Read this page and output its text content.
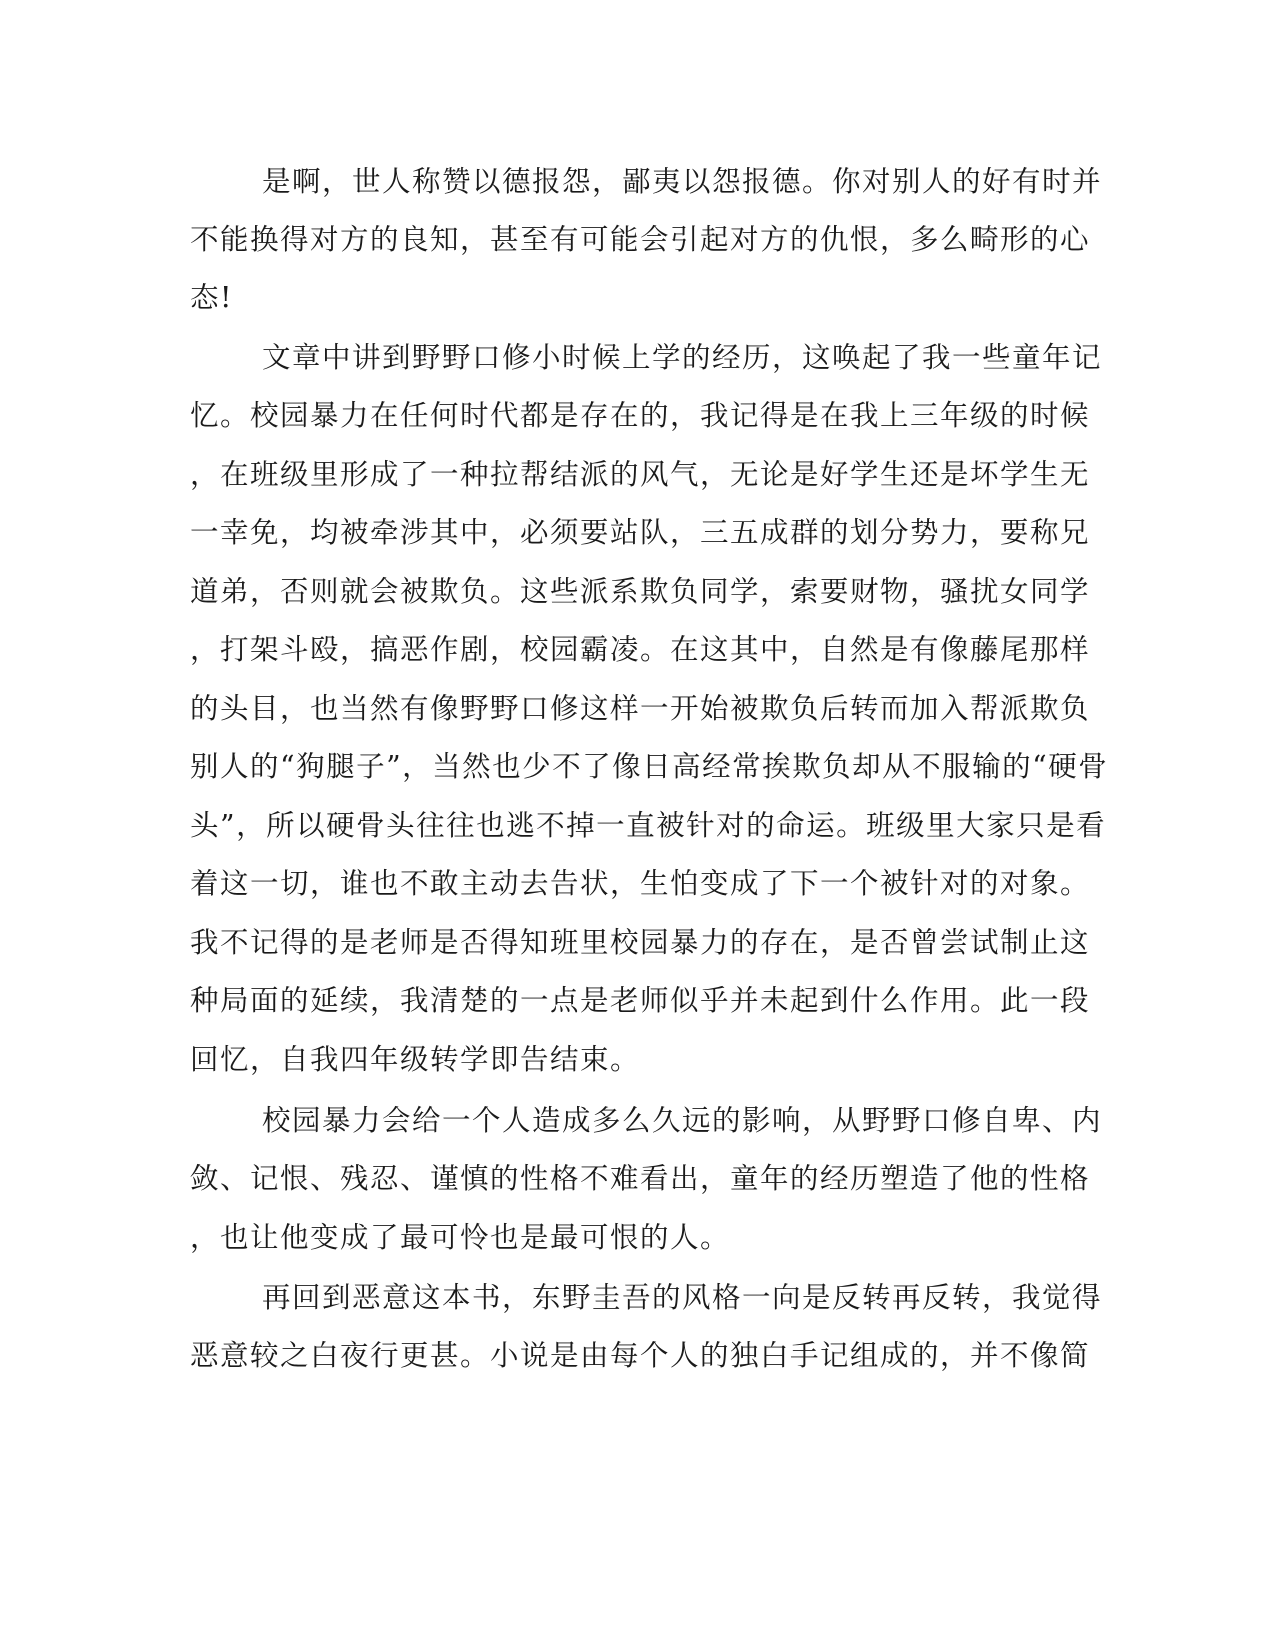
是啊，世人称赞以德报怨，鄙夷以怨报德。你对别人的好有时并

不能换得对方的良知，甚至有可能会引起对方的仇恨，多么畸形的心

态!

文章中讲到野野口修小时候上学的经历，这唤起了我一些童年记

忆。校园暴力在任何时代都是存在的，我记得是在我上三年级的时候

，在班级里形成了一种拉帮结派的风气，无论是好学生还是坏学生无

一幸免，均被牵涉其中，必须要站队，三五成群的划分势力，要称兄

道弟，否则就会被欺负。这些派系欺负同学，索要财物，骚扰女同学

，打架斗殴，搞恶作剧，校园霸凌。在这其中，自然是有像藤尾那样

的头目，也当然有像野野口修这样一开始被欺负后转而加入帮派欺负

别人的“狗腿子”，当然也少不了像日高经常挨欺负却从不服输的“硬骨

头”，所以硬骨头往往也逃不掉一直被针对的命运。班级里大家只是看

着这一切，谁也不敢主动去告状，生怕变成了下一个被针对的对象。

我不记得的是老师是否得知班里校园暴力的存在，是否曾尝试制止这

种局面的延续，我清楚的一点是老师似乎并未起到什么作用。此一段

回忆，自我四年级转学即告结束。

校园暴力会给一个人造成多么久远的影响，从野野口修自卑、内

敛、记恨、残忍、谨慎的性格不难看出，童年的经历塑造了他的性格

，也让他变成了最可怜也是最可恨的人。

再回到恶意这本书，东野圭吾的风格一向是反转再反转，我觉得

恶意较之白夜行更甚。小说是由每个人的独白手记组成的，并不像简
